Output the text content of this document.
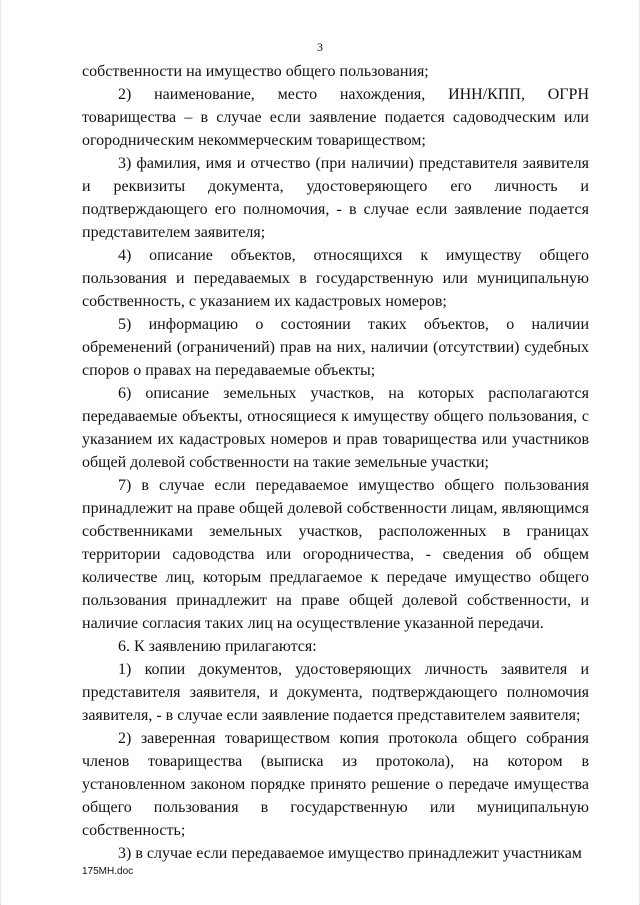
3

собственности на имущество общего пользования;

2) наименование, место нахождения, ИНН/КПП, ОГРН товарищества – в случае если заявление подается садоводческим или огородническим некоммерческим товариществом;

3) фамилия, имя и отчество (при наличии) представителя заявителя и реквизиты документа, удостоверяющего его личность и подтверждающего его полномочия, - в случае если заявление подается представителем заявителя;

4) описание объектов, относящихся к имуществу общего пользования и передаваемых в государственную или муниципальную собственность, с указанием их кадастровых номеров;

5) информацию о состоянии таких объектов, о наличии обременений (ограничений) прав на них, наличии (отсутствии) судебных споров о правах на передаваемые объекты;

6) описание земельных участков, на которых располагаются передаваемые объекты, относящиеся к имуществу общего пользования, с указанием их кадастровых номеров и прав товарищества или участников общей долевой собственности на такие земельные участки;

7) в случае если передаваемое имущество общего пользования принадлежит на праве общей долевой собственности лицам, являющимся собственниками земельных участков, расположенных в границах территории садоводства или огородничества, - сведения об общем количестве лиц, которым предлагаемое к передаче имущество общего пользования принадлежит на праве общей долевой собственности, и наличие согласия таких лиц на осуществление указанной передачи.

6. К заявлению прилагаются:

1) копии документов, удостоверяющих личность заявителя и представителя заявителя, и документа, подтверждающего полномочия заявителя, - в случае если заявление подается представителем заявителя;

2) заверенная товариществом копия протокола общего собрания членов товарищества (выписка из протокола), на котором в установленном законом порядке принято решение о передаче имущества общего пользования в государственную или муниципальную собственность;

3) в случае если передаваемое имущество принадлежит участникам

175MH.doc
